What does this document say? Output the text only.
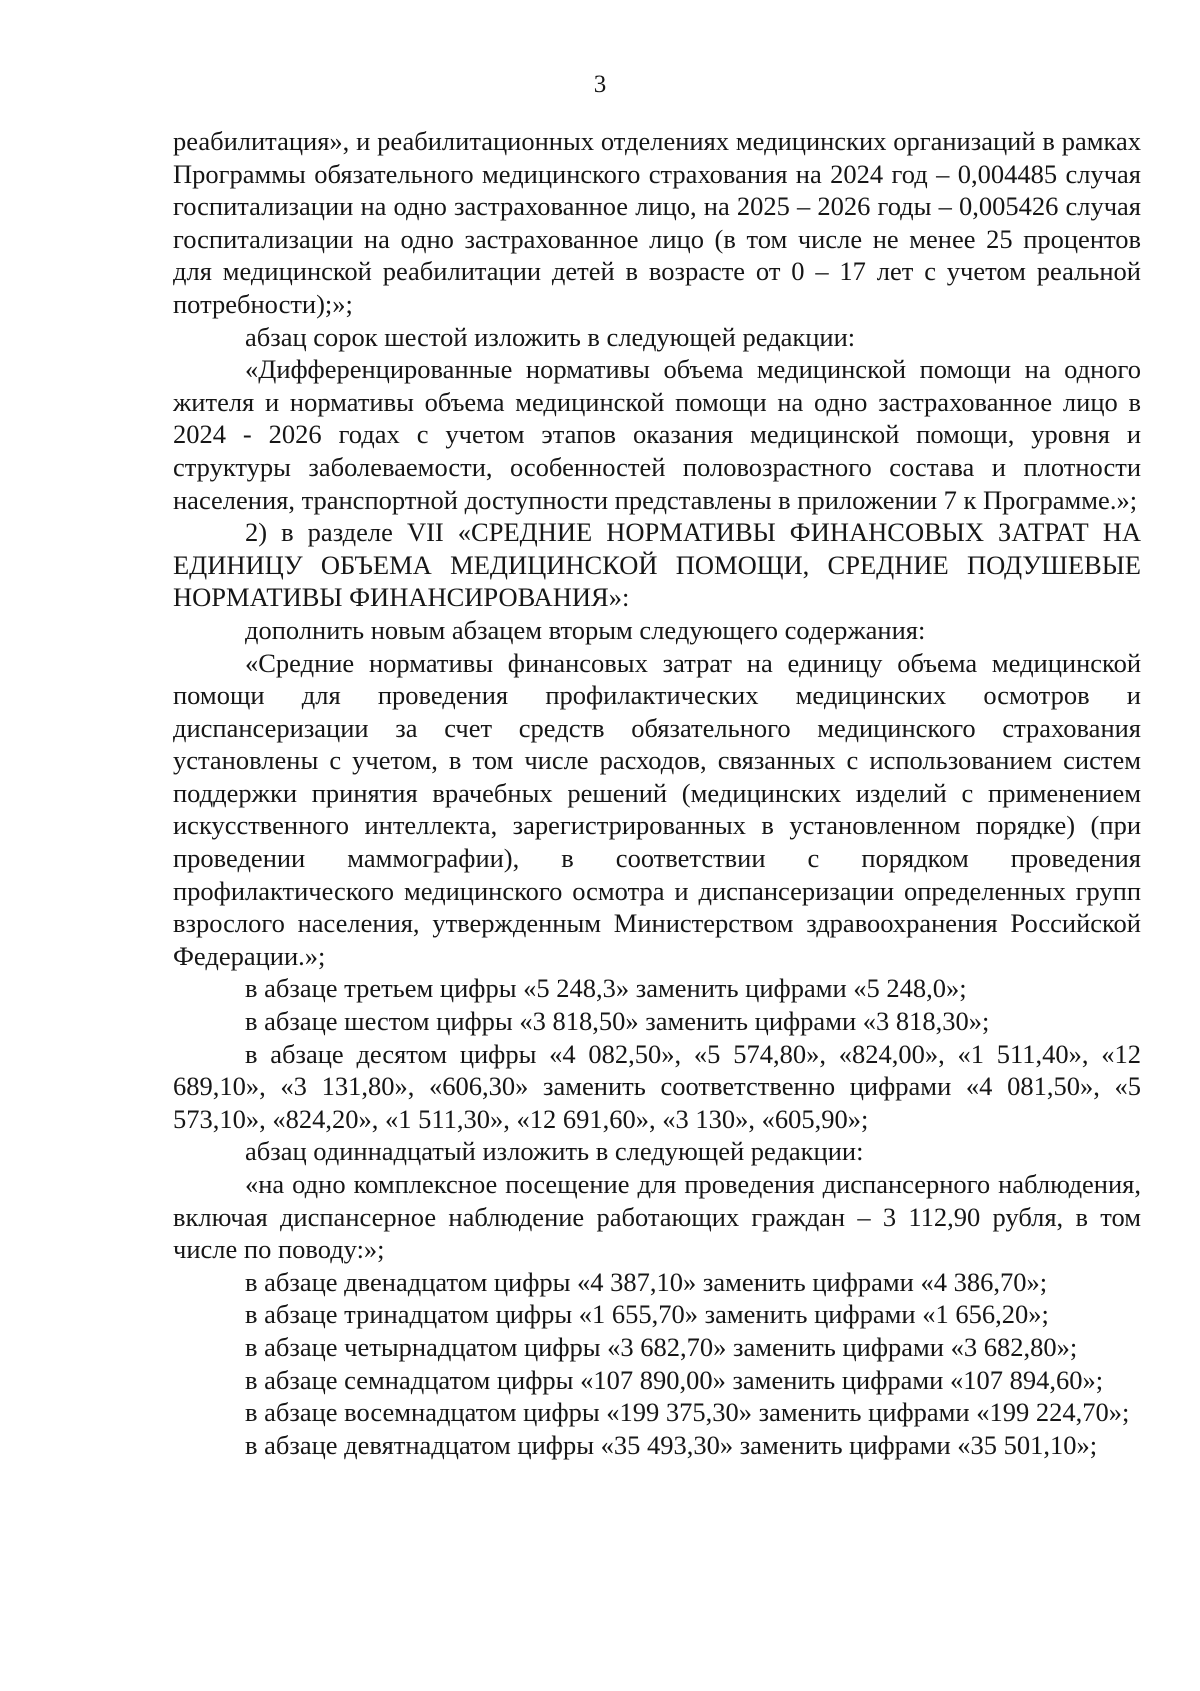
3

реабилитация», и реабилитационных отделениях медицинских организаций в рамках Программы обязательного медицинского страхования на 2024 год – 0,004485 случая госпитализации на одно застрахованное лицо, на 2025 – 2026 годы – 0,005426 случая госпитализации на одно застрахованное лицо (в том числе не менее 25 процентов для медицинской реабилитации детей в возрасте от 0 – 17 лет с учетом реальной потребности);»;

абзац сорок шестой изложить в следующей редакции:

«Дифференцированные нормативы объема медицинской помощи на одного жителя и нормативы объема медицинской помощи на одно застрахованное лицо в 2024 - 2026 годах с учетом этапов оказания медицинской помощи, уровня и структуры заболеваемости, особенностей половозрастного состава и плотности населения, транспортной доступности представлены в приложении 7 к Программе.»;

2) в разделе VII «СРЕДНИЕ НОРМАТИВЫ ФИНАНСОВЫХ ЗАТРАТ НА ЕДИНИЦУ ОБЪЕМА МЕДИЦИНСКОЙ ПОМОЩИ, СРЕДНИЕ ПОДУШЕВЫЕ НОРМАТИВЫ ФИНАНСИРОВАНИЯ»:

дополнить новым абзацем вторым следующего содержания:

«Средние нормативы финансовых затрат на единицу объема медицинской помощи для проведения профилактических медицинских осмотров и диспансеризации за счет средств обязательного медицинского страхования установлены с учетом, в том числе расходов, связанных с использованием систем поддержки принятия врачебных решений (медицинских изделий с применением искусственного интеллекта, зарегистрированных в установленном порядке) (при проведении маммографии), в соответствии с порядком проведения профилактического медицинского осмотра и диспансеризации определенных групп взрослого населения, утвержденным Министерством здравоохранения Российской Федерации.»;

в абзаце третьем цифры «5 248,3» заменить цифрами «5 248,0»;

в абзаце шестом цифры «3 818,50» заменить цифрами «3 818,30»;

в абзаце десятом цифры «4 082,50», «5 574,80», «824,00», «1 511,40», «12 689,10», «3 131,80», «606,30» заменить соответственно цифрами «4 081,50», «5 573,10», «824,20», «1 511,30», «12 691,60», «3 130», «605,90»;

абзац одиннадцатый изложить в следующей редакции:

«на одно комплексное посещение для проведения диспансерного наблюдения, включая диспансерное наблюдение работающих граждан – 3 112,90 рубля, в том числе по поводу:»;

в абзаце двенадцатом цифры «4 387,10» заменить цифрами «4 386,70»;

в абзаце тринадцатом цифры «1 655,70» заменить цифрами «1 656,20»;

в абзаце четырнадцатом цифры «3 682,70» заменить цифрами «3 682,80»;

в абзаце семнадцатом цифры «107 890,00» заменить цифрами «107 894,60»;

в абзаце восемнадцатом цифры «199 375,30» заменить цифрами «199 224,70»;

в абзаце девятнадцатом цифры «35 493,30» заменить цифрами «35 501,10»;
